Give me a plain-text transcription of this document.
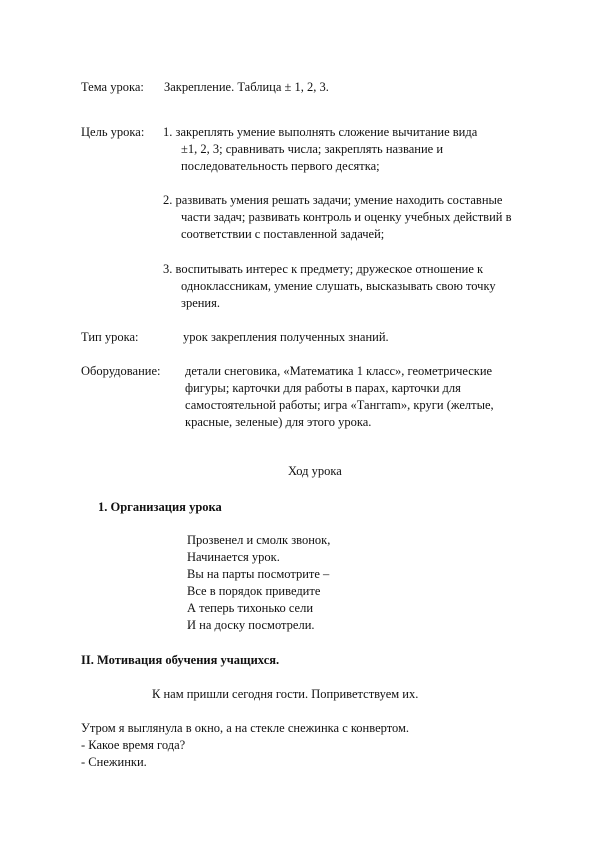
Тема урока: Закрепление. Таблица ± 1, 2, 3.
Цель урока: 1. закреплять умение выполнять сложение вычитание вида
±1, 2, 3; сравнивать числа; закреплять название и
последовательность первого десятка;
2. развивать умения решать задачи; умение находить составные
части задач; развивать контроль и оценку учебных действий в
соответствии с поставленной задачей;
3. воспитывать интерес к предмету; дружеское отношение к
одноклассникам, умение слушать, высказывать свою точку
зрения.
Тип урока:	урок закрепления полученных знаний.
Оборудование: детали снеговика, «Математика 1 класс», геометрические
фигуры; карточки для работы в парах, карточки для
самостоятельной работы; игра «Тангram», круги (желтые,
красные, зеленые) для этого урока.
Ход урока
1. Организация урока
Прозвенел и смолк звонок,
Начинается урок.
Вы на парты посмотрите –
Все в порядок приведите
А теперь тихонько сели
И на доску посмотрели.
II. Мотивация обучения учащихся.
К нам пришли сегодня гости. Поприветствуем их.
Утром я выглянула в окно, а на стекле снежинка с конвертом.
- Какое время года?
- Снежинки.
